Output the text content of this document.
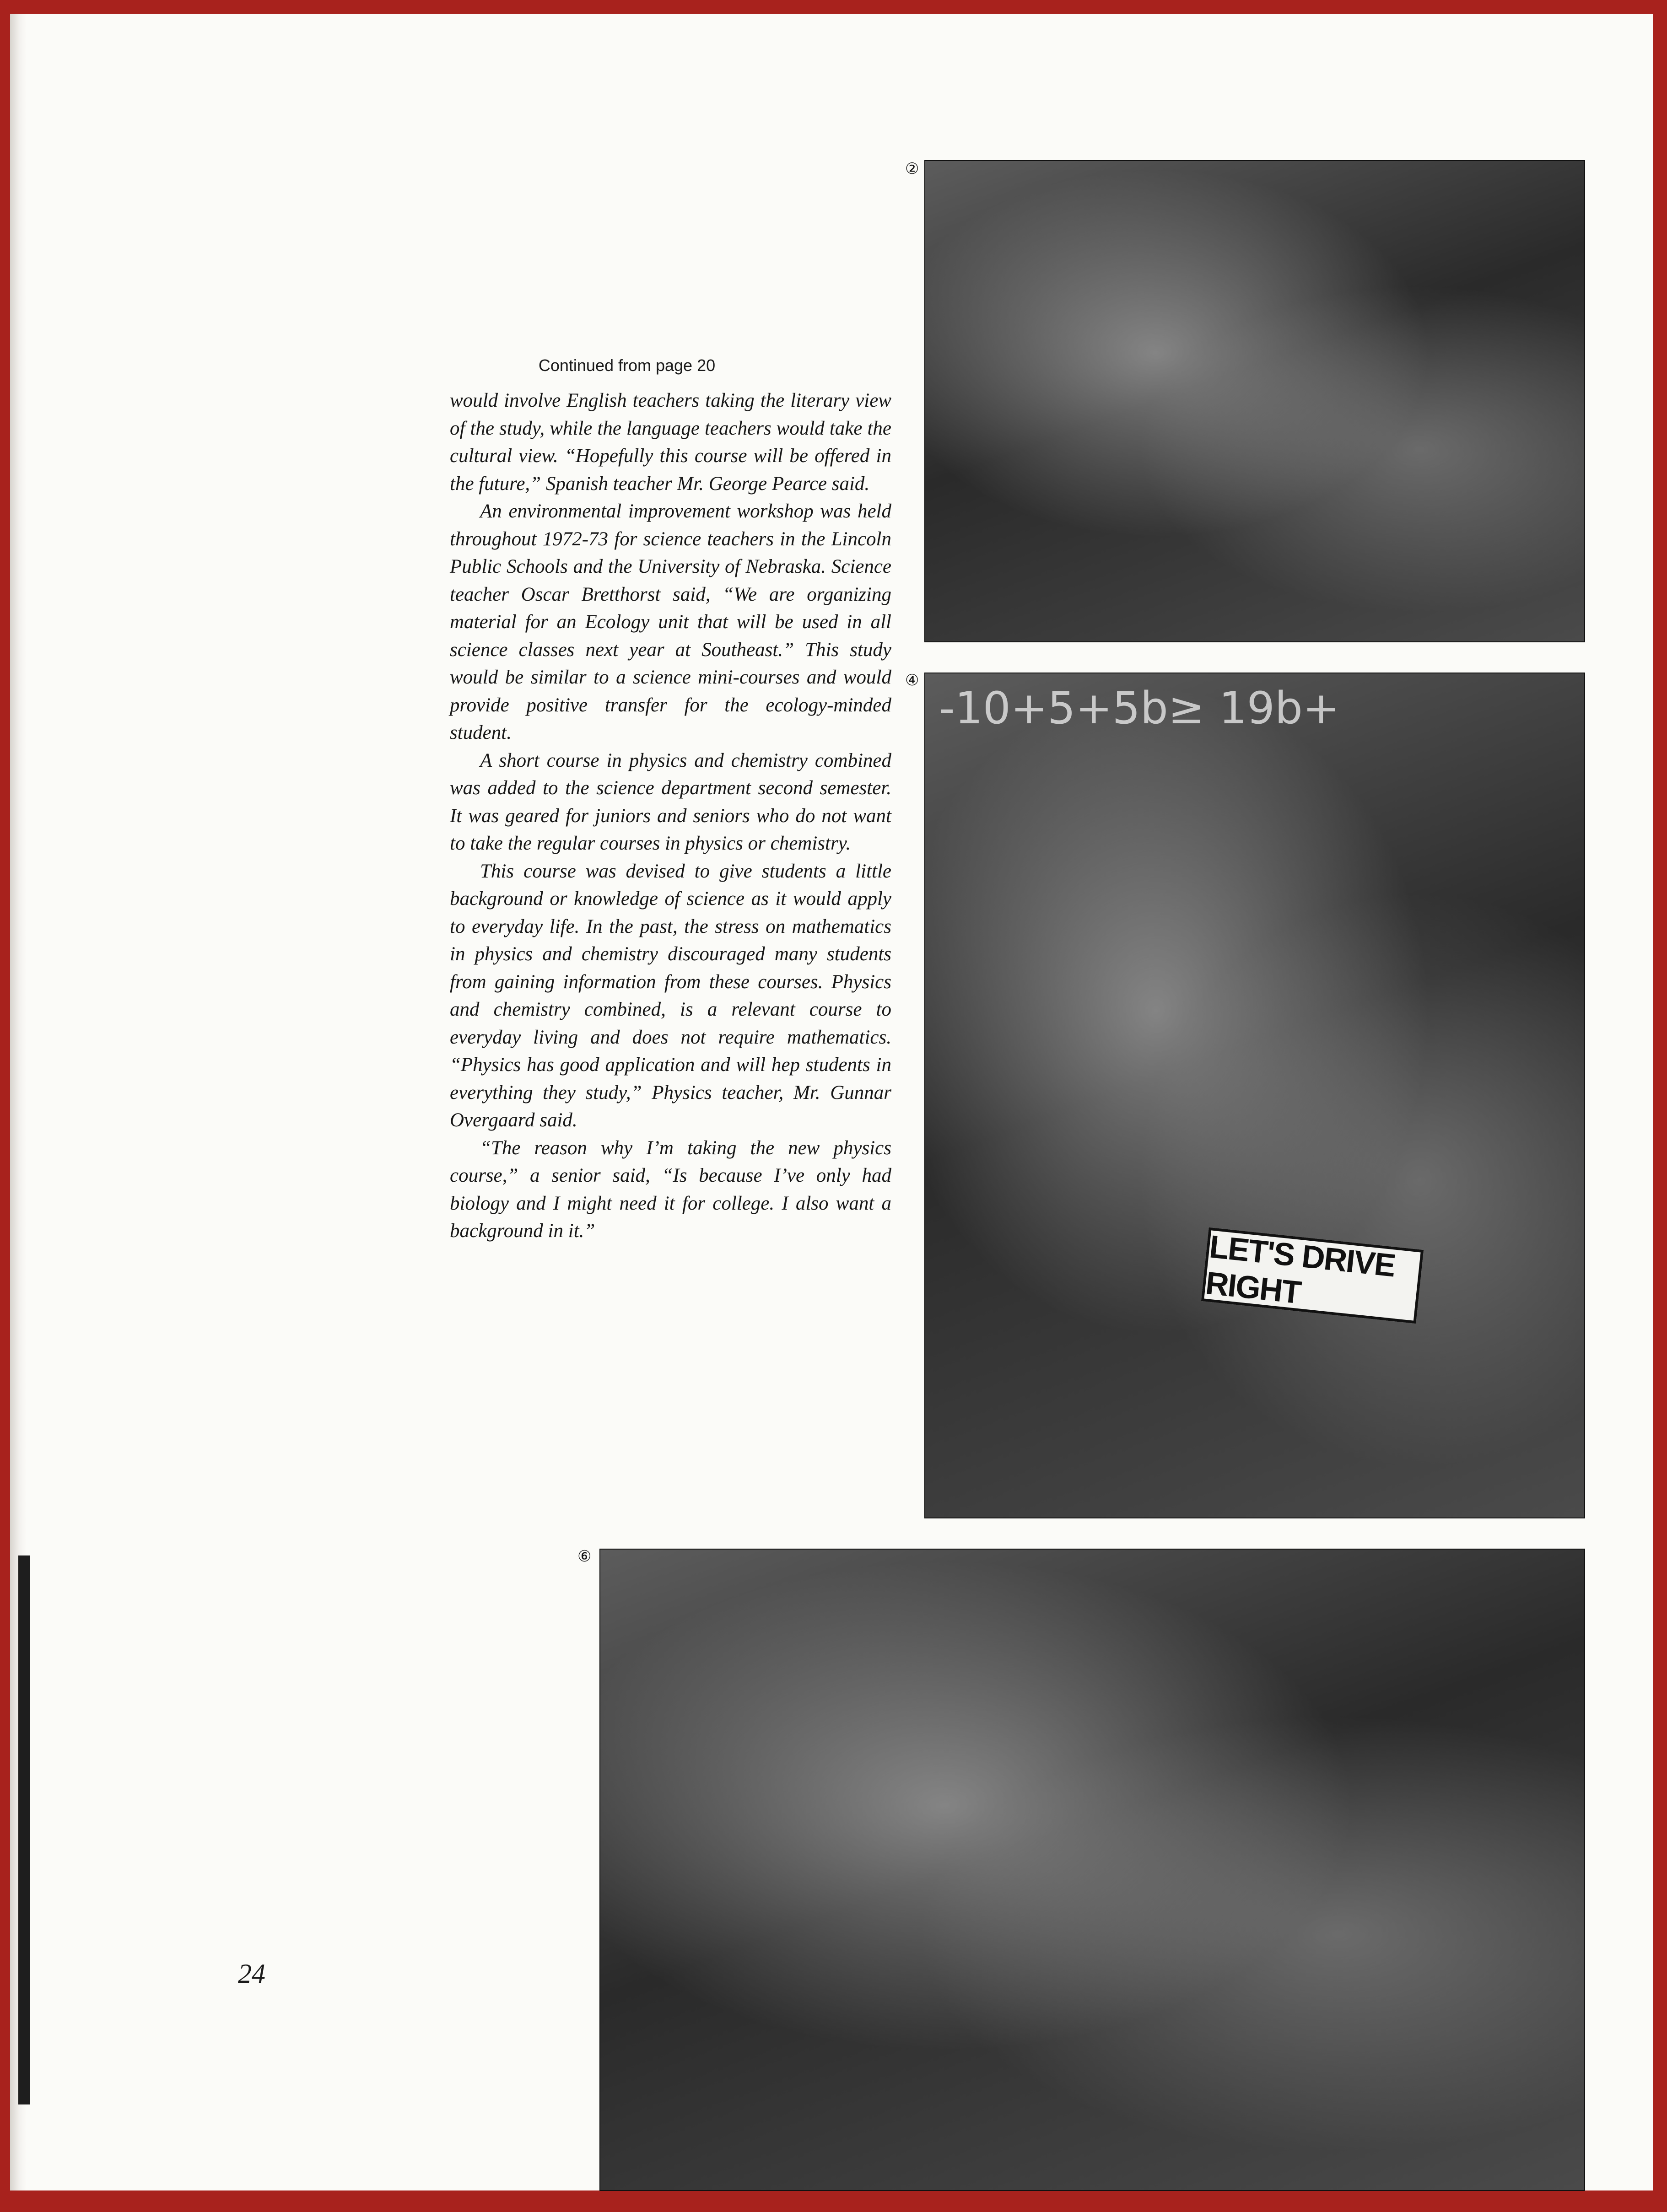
Continued from page 20

would involve English teachers taking the literary view of the study, while the language teachers would take the cultural view. “Hopefully this course will be offered in the future,” Spanish teacher Mr. George Pearce said.

An environmental improvement workshop was held throughout 1972-73 for science teachers in the Lincoln Public Schools and the University of Nebraska. Science teacher Oscar Bretthorst said, “We are organizing material for an Ecology unit that will be used in all science classes next year at Southeast.” This study would be similar to a science mini-courses and would provide positive transfer for the ecology-minded student.

A short course in physics and chemistry combined was added to the science department second semester. It was geared for juniors and seniors who do not want to take the regular courses in physics or chemistry.

This course was devised to give students a little background or knowledge of science as it would apply to everyday life. In the past, the stress on mathematics in physics and chemistry discouraged many students from gaining information from these courses. Physics and chemistry combined, is a relevant course to everyday living and does not require mathematics. “Physics has good application and will hep students in everything they study,” Physics teacher, Mr. Gunnar Overgaard said.

“The reason why I’m taking the new physics course,” a senior said, “Is because I’ve only had biology and I might need it for college. I also want a background in it.”

②
④
-10+5+5b≥ 19b+
LET'S DRIVE RIGHT
⑥
24
